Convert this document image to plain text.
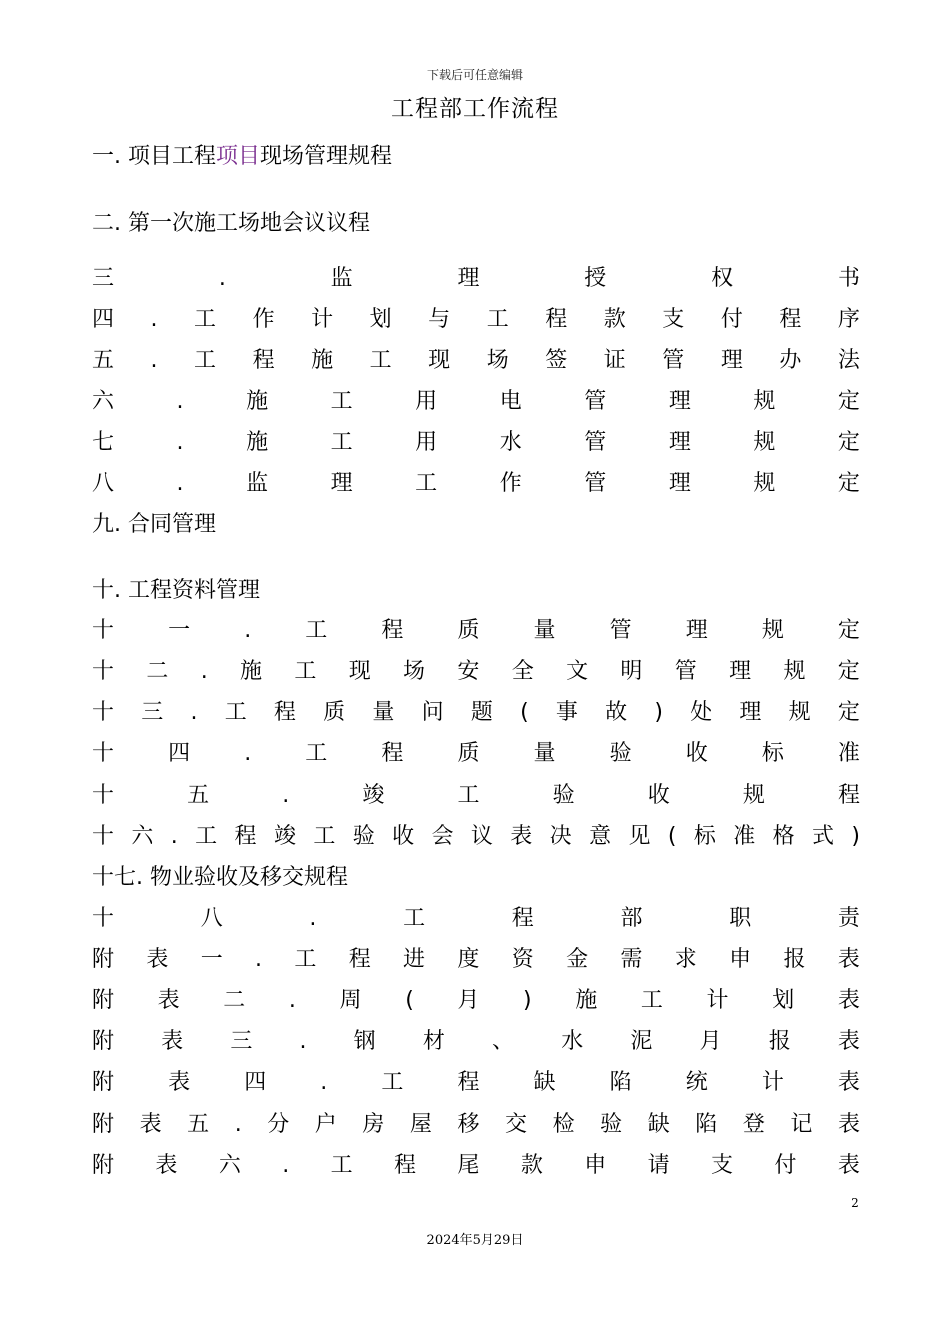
下载后可任意编辑
工程部工作流程
一. 项目工程项目现场管理规程
二. 第一次施工场地会议议程
三	.	监	理	授	权	书
四 . 工 作 计 划 与 工 程 款 支 付 程 序
五 . 工 程 施 工 现 场 签 证 管 理 办 法
六	.	施	工	用	电	管	理	规	定
七	.	施	工	用	水	管	理	规	定
八	.	监	理	工	作	管	理	规	定
九. 合同管理
十. 工程资料管理
十 一 . 工 程 质 量 管 理 规 定
十 二 . 施 工 现 场 安 全 文 明 管 理 规 定
十 三 . 工 程 质 量 问 题 ( 事 故 ) 处 理 规 定
十 四 . 工 程 质 量 验 收 标 准
十	五	.	竣	工	验	收	规	程
十 六 . 工 程 竣 工 验 收 会 议 表 决 意 见 ( 标 准 格 式 )
十七. 物业验收及移交规程
十	八	.	工	程	部	职	责
附 表 一 . 工 程 进 度 资 金 需 求 申 报 表
附 表 二 . 周 ( 月 ) 施 工 计 划 表
附 表 三 . 钢 材 、 水 泥 月 报 表
附 表 四 . 工 程 缺 陷 统 计 表
附 表 五 . 分 户 房 屋 移 交 检 验 缺 陷 登 记 表
附 表 六 . 工 程 尾 款 申 请 支 付 表
2
2024年5月29日
